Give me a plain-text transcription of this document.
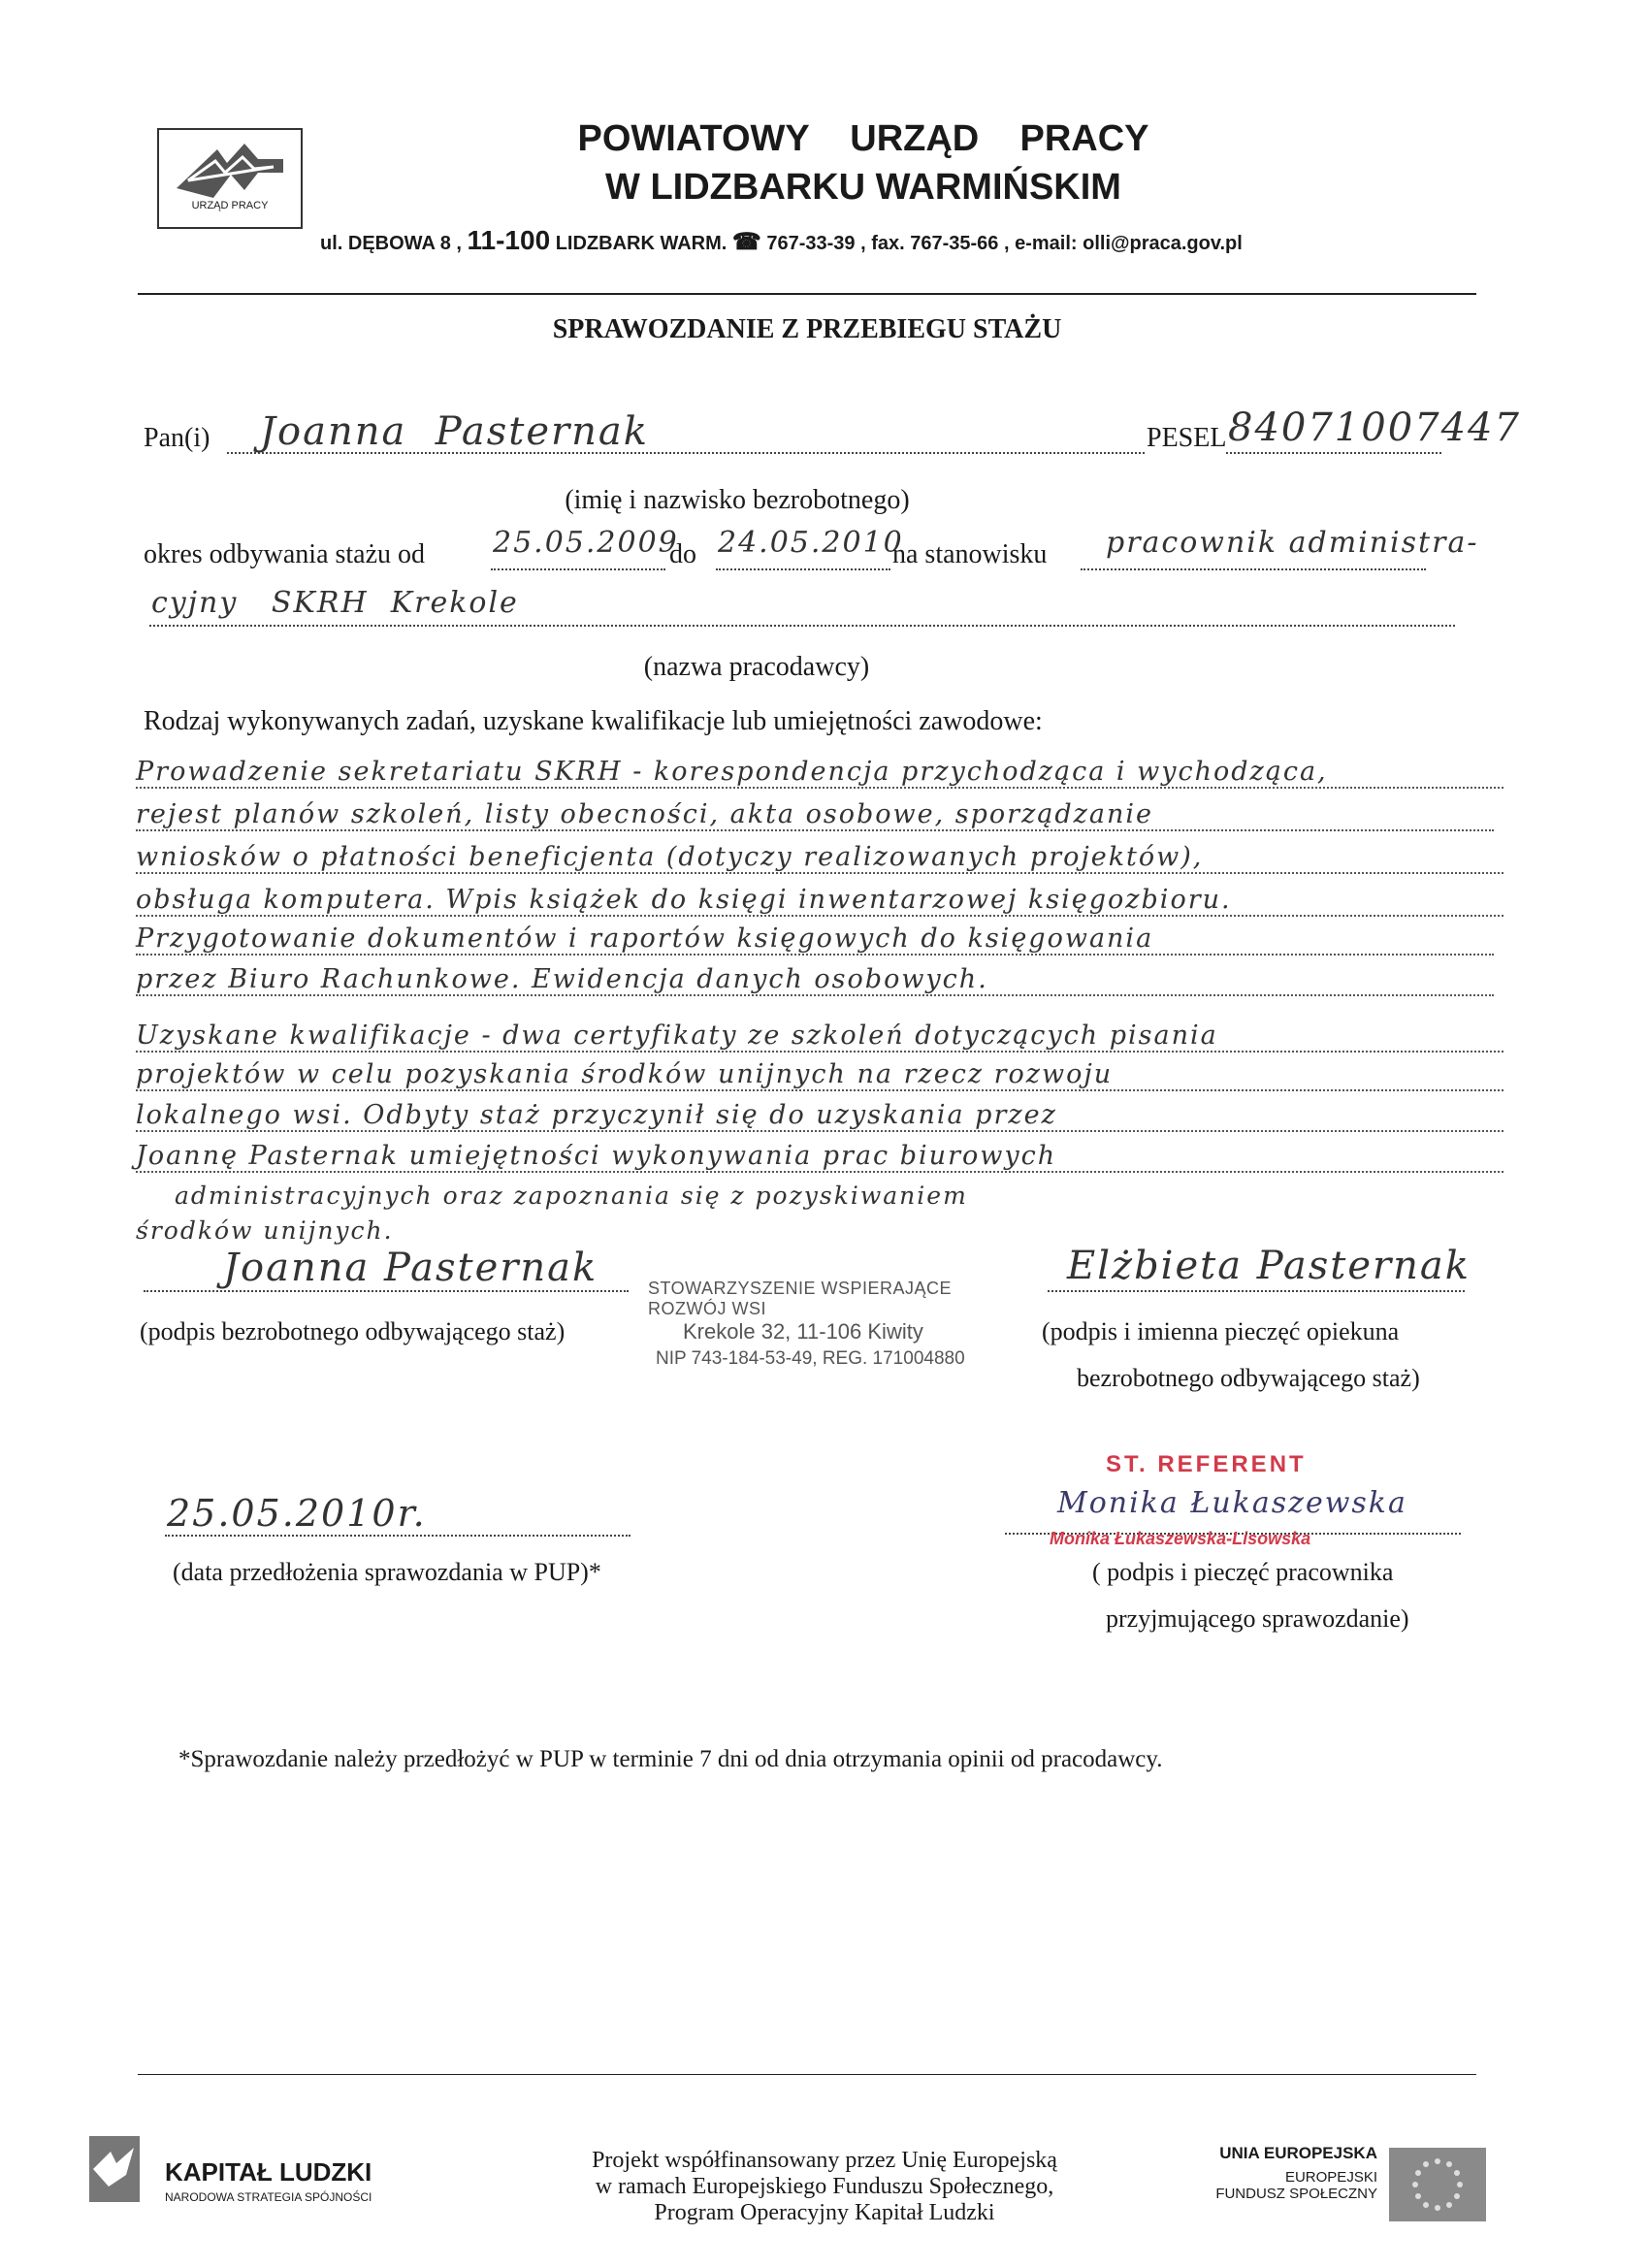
URZĄD PRACY
POWIATOWY    URZĄD    PRACY
W LIDZBARKU WARMIŃSKIM
ul. DĘBOWA 8 , 11-100 LIDZBARK WARM. ☎ 767-33-39 , fax. 767-35-66 , e-mail: olli@praca.gov.pl
SPRAWOZDANIE Z PRZEBIEGU STAŻU
Pan(i) Joanna  Pasternak	PESEL 84071007447
(imię i nazwisko bezrobotnego)
okres odbywania stażu od 25.05.2009
do 24.05.2010
na stanowisku pracownik administra-
cyjny   SKRH  Krekole
(nazwa pracodawcy)
Rodzaj wykonywanych zadań, uzyskane kwalifikacje lub umiejętności zawodowe:
Prowadzenie sekretariatu SKRH - korespondencja przychodząca i wychodząca,
rejest planów szkoleń, listy obecności, akta osobowe, sporządzanie
wniosków o płatności beneficjenta (dotyczy realizowanych projektów),
obsługa komputera. Wpis książek do księgi inwentarzowej księgozbioru.
Przygotowanie dokumentów i raportów księgowych do księgowania
przez Biuro Rachunkowe. Ewidencja danych osobowych.
Uzyskane kwalifikacje - dwa certyfikaty ze szkoleń dotyczących pisania
projektów w celu pozyskania środków unijnych na rzecz rozwoju
lokalnego wsi. Odbyty staż przyczynił się do uzyskania przez
Joannę Pasternak umiejętności wykonywania prac biurowych
administracyjnych oraz zapoznania się z pozyskiwaniem
środków unijnych.
Joanna Pasternak
(podpis bezrobotnego odbywającego staż)
STOWARZYSZENIE WSPIERAJĄCE ROZWÓJ WSI
Krekole 32, 11-106 Kiwity
NIP 743-184-53-49, REG. 171004880
Elżbieta Pasternak
(podpis i imienna pieczęć opiekuna
bezrobotnego odbywającego staż)
25.05.2010r.
(data przedłożenia sprawozdania w PUP)*
ST. REFERENT
Monika Łukaszewska
Monika Łukaszewska-Lisowska
( podpis i pieczęć pracownika
przyjmującego sprawozdanie)
*Sprawozdanie należy przedłożyć w PUP w terminie 7 dni od dnia otrzymania opinii od pracodawcy.
KAPITAŁ LUDZKI
NARODOWA STRATEGIA SPÓJNOŚCI
Projekt współfinansowany przez Unię Europejską
w ramach Europejskiego Funduszu Społecznego,
Program Operacyjny Kapitał Ludzki
UNIA EUROPEJSKA
EUROPEJSKI
FUNDUSZ SPOŁECZNY
